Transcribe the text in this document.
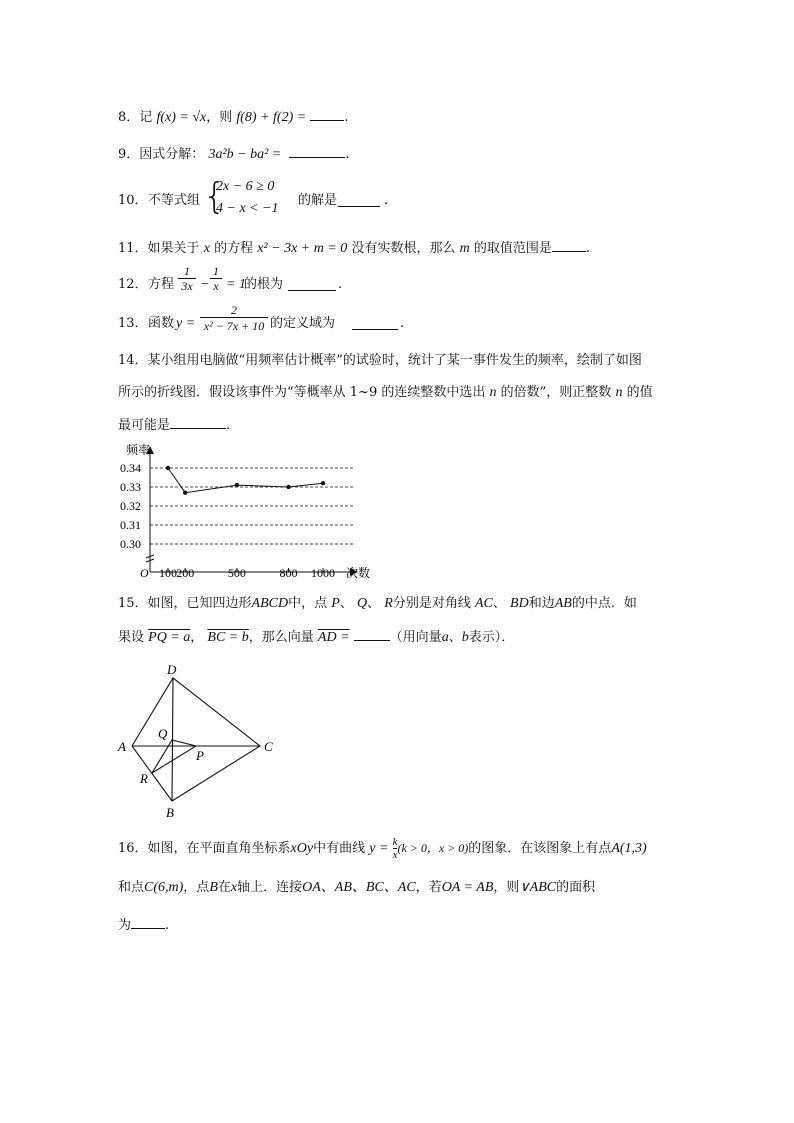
8．记 f(x) = √x，则 f(8) + f(2) =	.
9．因式分解： 3a²b − ba² =	.
10． 不等式组 {
2x − 6 ≥ 0
4 − x < −1
的解是	.
11．如果关于 x 的方程 x² − 3x + m = 0 没有实数根，那么 m 的取值范围是	.
12． 方程
1
3x −
1
x = 1
的根为	.
13． 函数 y =
2
x² − 7x + 10 的定义域为	.
14．某小组用电脑做“用频率估计概率”的试验时，统计了某一事件发生的频率，绘制了如图
所示的折线图．假设该事件为“等概率从 1~9 的连续整数中选出 n 的倍数”，则正整数 n 的值
最可能是	.
频率
次数
O
0.34
0.33
0.32
0.31
0.30
100 200	500	800 1000
15．如图，已知四边形ABCD中，点 P、 Q、 R分别是对角线 AC、 BD和边AB的中点．如
果设 PQ = a， BC = b，那么向量 AD =	（用向量a、b表示）．
A
D
C
B
Q
P
R
16．如图，在平面直角坐标系xOy中有曲线 $y = \frac{k}{x} (k > 0$，x > 0)的图象．在该图象上有点A(1,3)
和点C(6,m)，点B在x轴上．连接OA、AB、BC、AC，若OA = AB，则∨ABC的面积
为	.
